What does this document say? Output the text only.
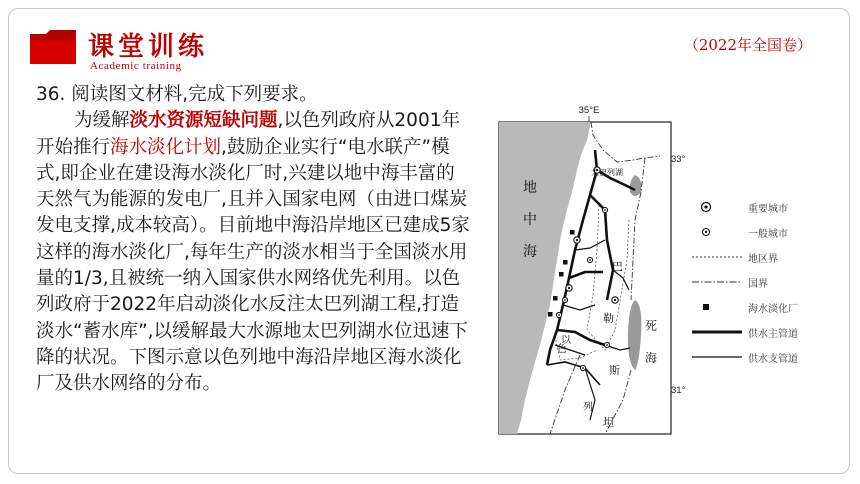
课堂训练
Academic training
（2022年全国卷）

36. 阅读图文材料,完成下列要求。

为缓解淡水资源短缺问题,以色列政府从2001年开始推行海水淡化计划,鼓励企业实行“电水联产”模式,即企业在建设海水淡化厂时,兴建以地中海丰富的天然气为能源的发电厂,且并入国家电网（由进口煤炭发电支撑,成本较高）。目前地中海沿岸地区已建成5家这样的海水淡化厂,每年生产的淡水相当于全国淡水用量的1/3,且被统一纳入国家供水网络优先利用。以色列政府于2022年启动淡化水反注太巴列湖工程,打造淡水“蓄水库”,以缓解最大水源地太巴列湖水位迅速下降的状况。下图示意以色列地中海沿岸地区海水淡化厂及供水网络的分布。

35°E
33°
31°
地
中
海
太巴列湖
巴
勒
斯
坦
以
色
列
死
海
重要城市
一般城市
地区界
国界
海水淡化厂
供水主管道
供水支管道
